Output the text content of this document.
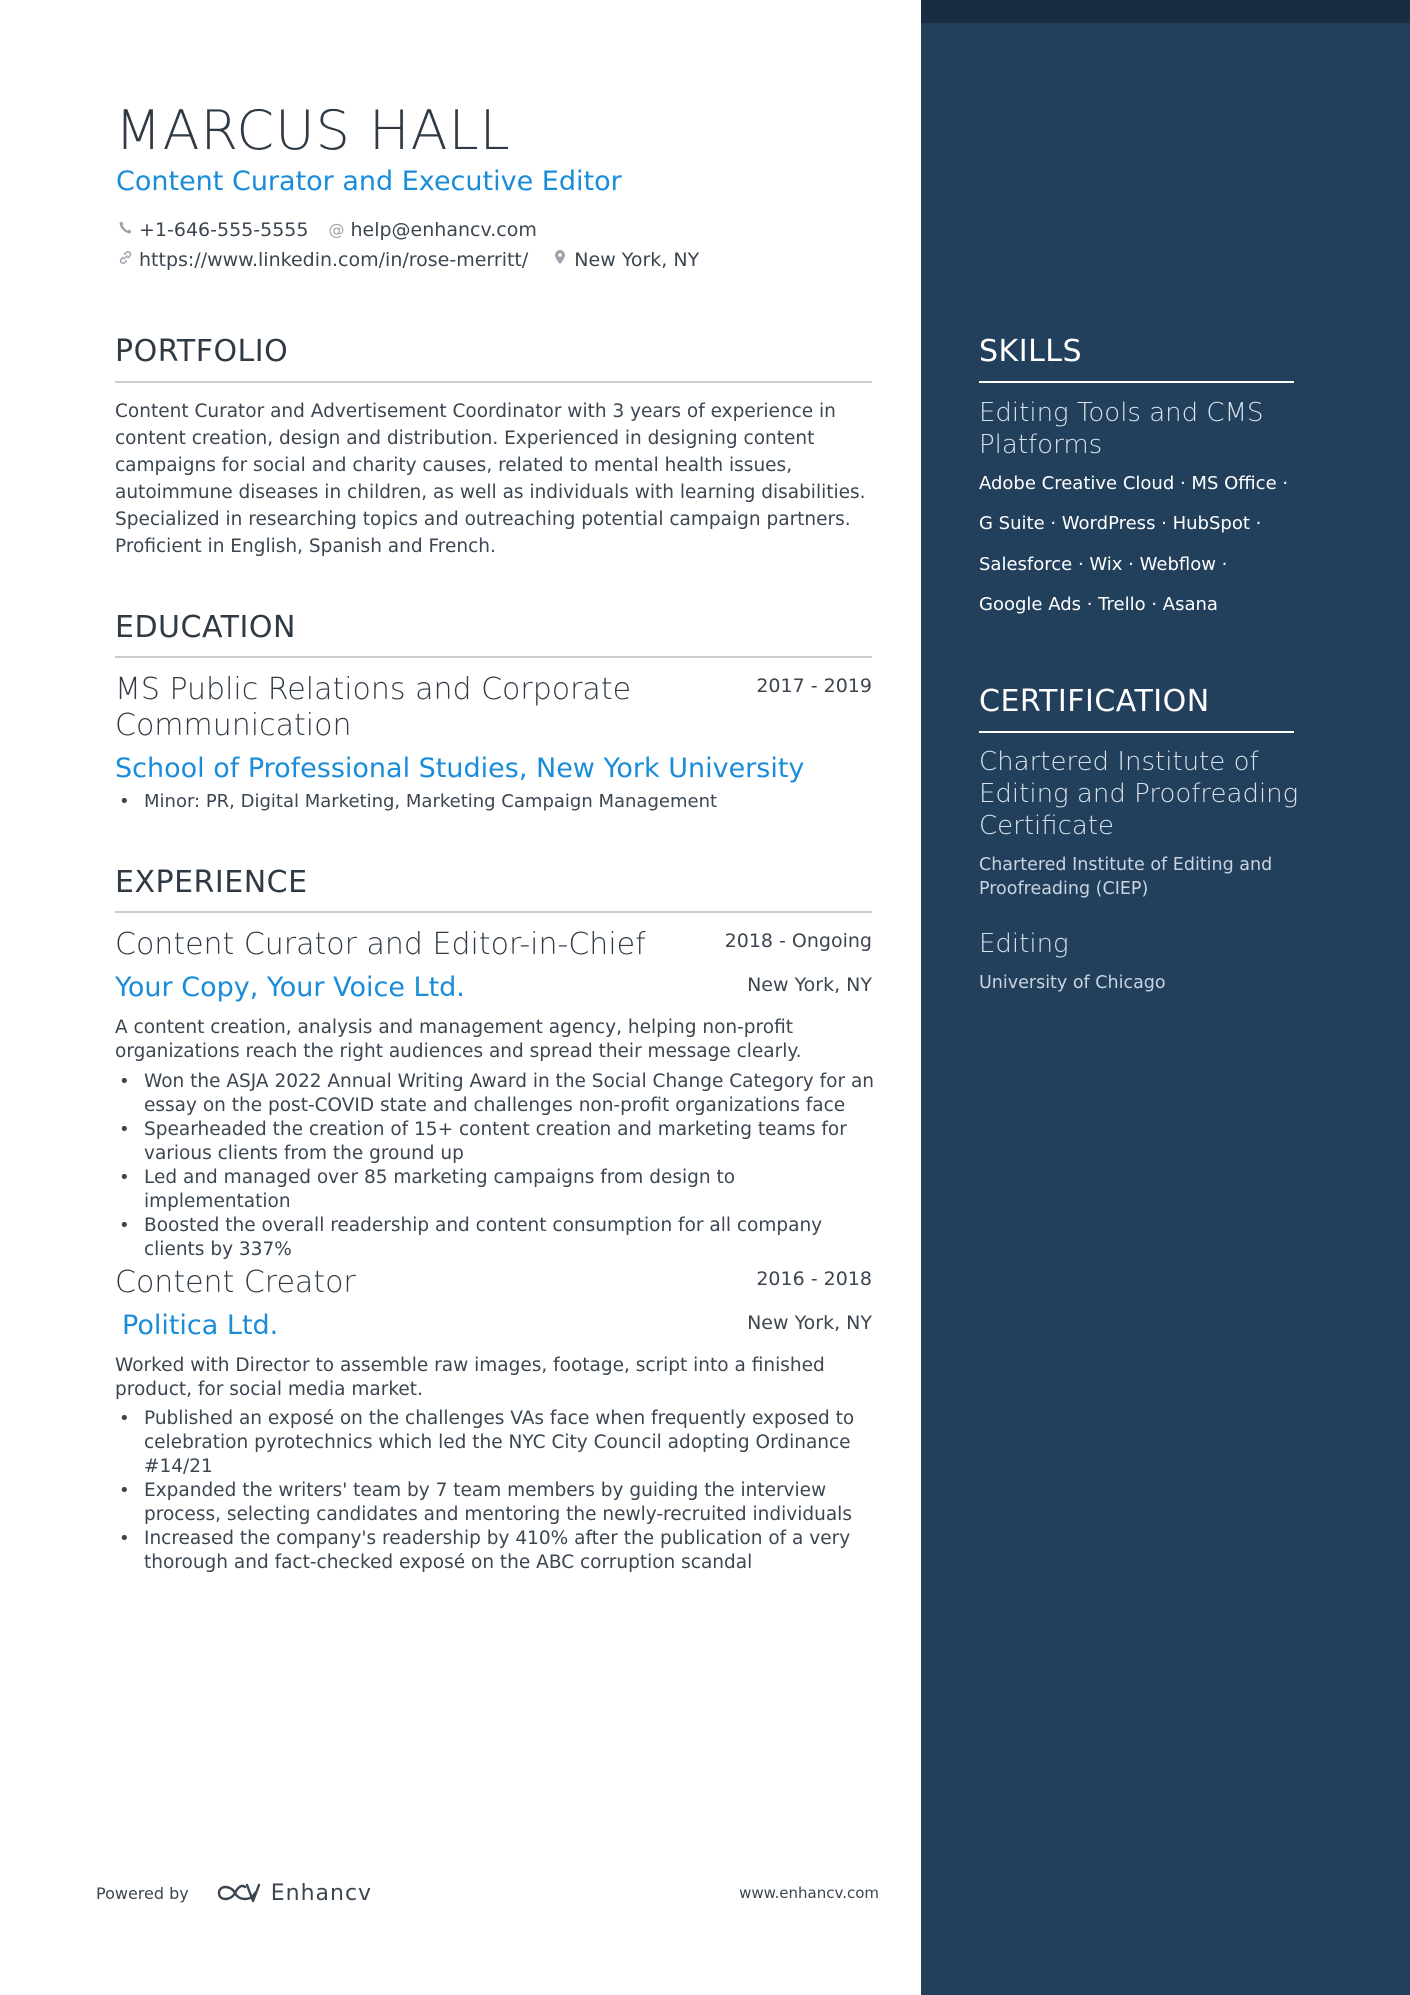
MARCUS HALL
Content Curator and Executive Editor
+1-646-555-5555 @ help@enhancv.com
https://www.linkedin.com/in/rose-merritt/ New York, NY
PORTFOLIO
Content Curator and Advertisement Coordinator with 3 years of experience in content creation, design and distribution. Experienced in designing content campaigns for social and charity causes, related to mental health issues, autoimmune diseases in children, as well as individuals with learning disabilities. Specialized in researching topics and outreaching potential campaign partners. Proficient in English, Spanish and French.
EDUCATION
MS Public Relations and Corporate Communication
2017 - 2019
School of Professional Studies, New York University
• Minor: PR, Digital Marketing, Marketing Campaign Management
EXPERIENCE
Content Curator and Editor-in-Chief	2018 - Ongoing
Your Copy, Your Voice Ltd.	New York, NY
A content creation, analysis and management agency, helping non-profit organizations reach the right audiences and spread their message clearly.
• Won the ASJA 2022 Annual Writing Award in the Social Change Category for an essay on the post-COVID state and challenges non-profit organizations face
• Spearheaded the creation of 15+ content creation and marketing teams for various clients from the ground up
• Led and managed over 85 marketing campaigns from design to implementation
• Boosted the overall readership and content consumption for all company clients by 337%
Content Creator	2016 - 2018
Politica Ltd.	New York, NY
Worked with Director to assemble raw images, footage, script into a finished product, for social media market.
• Published an exposé on the challenges VAs face when frequently exposed to celebration pyrotechnics which led the NYC City Council adopting Ordinance #14/21
• Expanded the writers' team by 7 team members by guiding the interview process, selecting candidates and mentoring the newly-recruited individuals
• Increased the company's readership by 410% after the publication of a very thorough and fact-checked exposé on the ABC corruption scandal
Powered by	Enhancv	www.enhancv.com
SKILLS
Editing Tools and CMS Platforms
Adobe Creative Cloud · MS Office ·
G Suite · WordPress · HubSpot ·
Salesforce · Wix · Webflow ·
Google Ads · Trello · Asana
CERTIFICATION
Chartered Institute of Editing and Proofreading Certificate
Chartered Institute of Editing and Proofreading (CIEP)
Editing
University of Chicago
